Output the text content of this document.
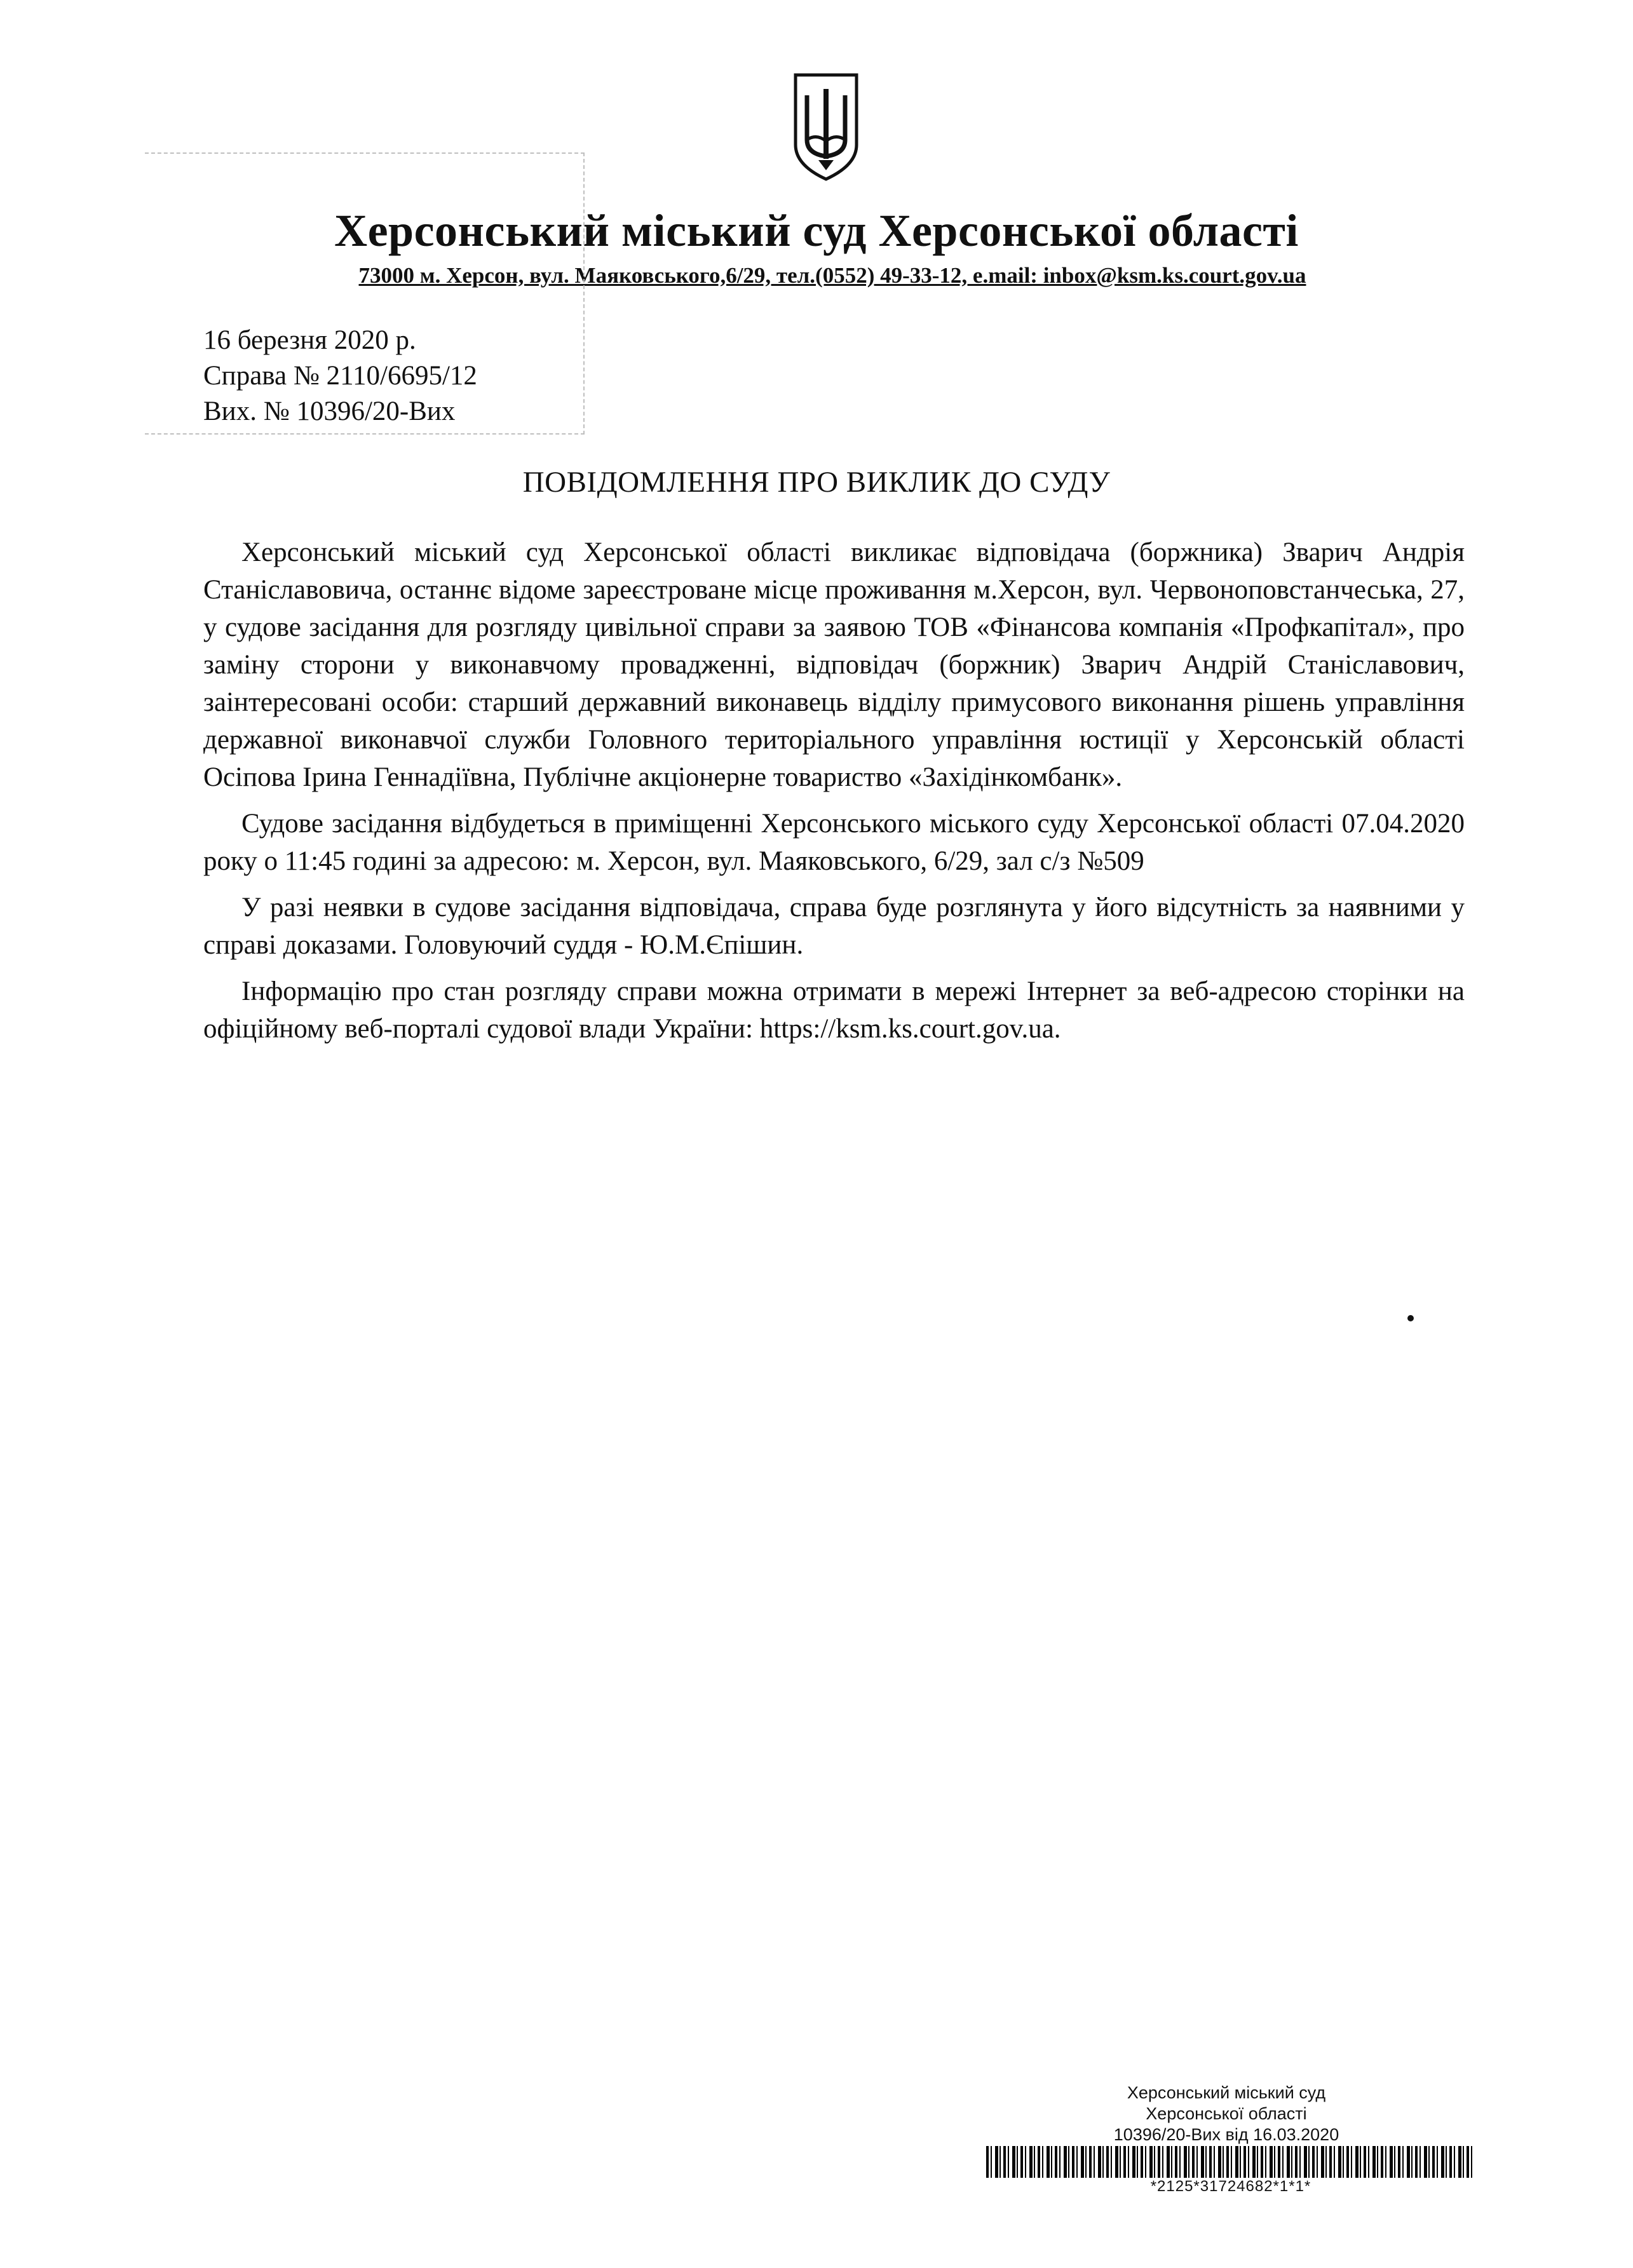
Херсонський міський суд Херсонської області
73000 м. Херсон, вул. Маяковського,6/29, тел.(0552) 49-33-12, e.mail: inbox@ksm.ks.court.gov.ua
16 березня 2020 р.
Справа № 2110/6695/12
Вих. № 10396/20-Вих
ПОВІДОМЛЕННЯ ПРО ВИКЛИК ДО СУДУ

Херсонський міський суд Херсонської області викликає відповідача (боржника) Зварич Андрія Станіславовича, останнє відоме зареєстроване місце проживання м.Херсон, вул. Червоноповстанчеська, 27, у судове засідання для розгляду цивільної справи за заявою ТОВ «Фінансова компанія «Профкапітал», про заміну сторони у виконавчому провадженні, відповідач (боржник) Зварич Андрій Станіславович, заінтересовані особи: старший державний виконавець відділу примусового виконання рішень управління державної виконавчої служби Головного територіального управління юстиції у Херсонській області Осіпова Ірина Геннадіївна, Публічне акціонерне товариство «Західінкомбанк».

Судове засідання відбудеться в приміщенні Херсонського міського суду Херсонської області 07.04.2020 року о 11:45 годині за адресою: м. Херсон, вул. Маяковського, 6/29, зал с/з №509

У разі неявки в судове засідання відповідача, справа буде розглянута у його відсутність за наявними у справі доказами. Головуючий суддя - Ю.М.Єпішин.

Інформацію про стан розгляду справи можна отримати в мережі Інтернет за веб-адресою сторінки на офіційному веб-порталі судової влади України: https://ksm.ks.court.gov.ua.

Херсонський міський суд
Херсонської області
10396/20-Вих від 16.03.2020
*2125*31724682*1*1*
